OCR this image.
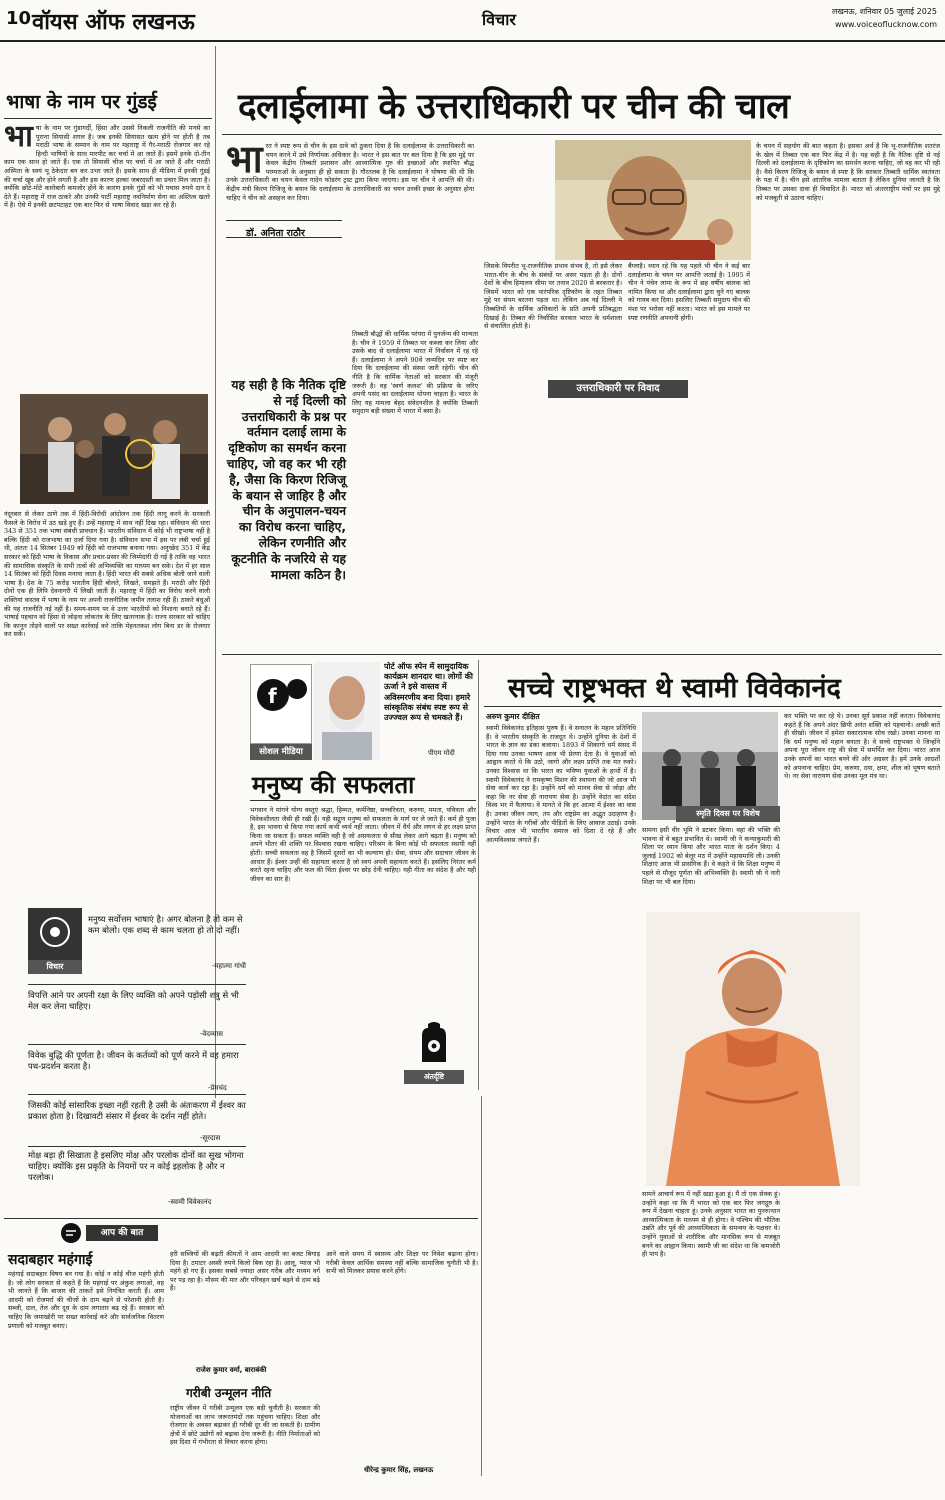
10 वॉयस ऑफ लखनऊ	विचार	लखनऊ, शनिवार 05 जुलाई 2025
www.voiceoflucknow.com
भाषा के नाम पर गुंडई
भा षा के नाम पर गुंडागर्दी, हिंसा और उससे निकली राजनीति की मनसे का पुराना सियासी शगल है। जब इनकी सियासत खत्म होने पर होती है तब मराठी भाषा के सम्मान के नाम पर महाराष्ट्र में गैर-मराठी रोजगार कर रहे हिन्दी भाषियों के साथ मारपीट कर चर्चा में आ जाते हैं। इसमें इनके दो-तीन काम एक साथ हो जाते हैं। एक तो सियासी चीज पर चर्चा में आ जाते हैं और मराठी अस्मिता के स्वयं भू ठेकेदार बन कर उभर जाते हैं। इसके साथ ही मीडिया में इनकी गुंडई की चर्चा खूब और होने लगती है और इस कारण हल्का जबरदस्ती का प्रचार मिल जाता है। क्योंकि छोटे-मोटे कारोबारी कमजोर होने के कारण इनके गुंडों को भी पचास रुपये दान दे देते हैं। महाराष्ट्र में राज ठाकरे और उनकी पार्टी महाराष्ट्र नवनिर्माण सेना का अस्तित्व खतरे में है। ऐसे में इनकी छटपटाहट एक बार फिर से भाषा विवाद खड़ा कर रहे हैं।
नंदूरबार से लेकर ठाणे तक में हिंदी-विरोधी आंदोलन तक हिंदी लागू करने के सरकारी फैसले के विरोध में उठ खड़े हुए हैं। उन्हें महाराष्ट्र में साथ नहीं दिख रहा। संविधान की धारा 343 से 351 तक भाषा संबंधी प्रावधान हैं। भारतीय संविधान में कोई भी राष्ट्रभाषा नहीं है बल्कि हिंदी को राजभाषा का दर्जा दिया गया है। संविधान सभा में इस पर लंबी चर्चा हुई थी, अंततः 14 सितंबर 1949 को हिंदी को राजभाषा बनाया गया। अनुच्छेद 351 में केंद्र सरकार को हिंदी भाषा के विकास और प्रचार-प्रसार की जिम्मेदारी दी गई है ताकि वह भारत की सामासिक संस्कृति के सभी तत्वों की अभिव्यक्ति का माध्यम बन सके। देश में हर साल 14 सितंबर को हिंदी दिवस मनाया जाता है। हिंदी भारत की सबसे अधिक बोली जाने वाली भाषा है। देश के 75 करोड़ भारतीय हिंदी बोलते, लिखते, समझते हैं। मराठी और हिंदी दोनों एक ही लिपि देवनागरी में लिखी जाती हैं। महाराष्ट्र में हिंदी का विरोध करने वाली शक्तियां वास्तव में भाषा के नाम पर अपनी राजनीतिक जमीन तलाश रही हैं। ठाकरे बंधुओं की यह राजनीति नई नहीं है। समय-समय पर वे उत्तर भारतीयों को निशाना बनाते रहे हैं। भाषाई पहचान को हिंसा से जोड़ना लोकतंत्र के लिए खतरनाक है। राज्य सरकार को चाहिए कि कानून तोड़ने वालों पर सख्त कार्रवाई करे ताकि मेहनतकश लोग बिना डर के रोजगार कर सकें।
दलाईलामा के उत्तराधिकारी पर चीन की चाल
भा रत ने स्पष्ट रूप से चीन के इस दावे को ठुकरा दिया है कि दलाईलामा के उत्तराधिकारी का चयन करने में उसे निर्णायक अधिकार है। भारत ने इस बात पर बल दिया है कि इस मुद्दे पर केवल केंद्रीय तिब्बती प्रशासन और आध्यात्मिक गुरु की इच्छाओं और स्थापित बौद्ध परम्पराओं के अनुसार ही हो सकता है। गौरतलब है कि दलाईलामा ने घोषणा की थी कि उनके उत्तराधिकारी का चयन केवल गादेन फोडरंग ट्रस्ट द्वारा किया जाएगा। इस पर चीन ने आपत्ति की थी। केंद्रीय मंत्री किरण रिजिजू के बयान कि दलाईलामा के उत्तराधिकारी का चयन उनकी इच्छा के अनुसार होना चाहिए ने चीन को असहज कर दिया।
डॉ. अनिता राठौर
यह सही है कि नैतिक दृष्टि से नई दिल्ली को उत्तराधिकारी के प्रश्न पर वर्तमान दलाई लामा के दृष्टिकोण का समर्थन करना चाहिए, जो वह कर भी रही है, जैसा कि किरण रिजिजू के बयान से जाहिर है और चीन के अनुपालन-चयन का विरोध करना चाहिए, लेकिन रणनीति और कूटनीति के नजरिये से यह मामला कठिन है।
तिब्बती बौद्धों की धार्मिक परंपरा में पुनर्जन्म की मान्यता है। चीन ने 1959 में तिब्बत पर कब्जा कर लिया और उसके बाद से दलाईलामा भारत में निर्वासन में रह रहे हैं। दलाईलामा ने अपने 90वें जन्मदिन पर स्पष्ट कर दिया कि दलाईलामा की संस्था जारी रहेगी। चीन की नीति है कि धार्मिक नेताओं को सरकार की मंजूरी जरूरी है। वह 'स्वर्ण कलश' की प्रक्रिया के जरिए अपनी पसंद का दलाईलामा थोपना चाहता है। भारत के लिए यह मामला बेहद संवेदनशील है क्योंकि तिब्बती समुदाय बड़ी संख्या में भारत में बसा है।
जिसके विपरीत भू-राजनीतिक प्रभाव संभव है, तो इसे लेकर भारत-चीन के बीच के संबंधों पर असर पड़ता ही है। दोनों देशों के बीच हिमालय सीमा पर तनाव 2020 से बरकरार है। जिसमें भारत को एक पारंपरिक दृष्टिकोण के तहत तिब्बत मुद्दे पर संयम बरतना पड़ता था। लेकिन अब नई दिल्ली ने तिब्बतियों के धार्मिक अधिकारों के प्रति अपनी प्रतिबद्धता दिखाई है। तिब्बत की निर्वासित सरकार भारत के धर्मशाला से संचालित होती है।
बैंग्लाहै। ध्यान रहे कि यह पहले भी चीन ने कई बार दलाईलामा के चयन पर आपत्ति जताई है। 1995 में चीन ने पंचेन लामा के रूप में छह वर्षीय बालक को नामित किया था और दलाईलामा द्वारा चुने गए बालक को गायब कर दिया। इसलिए तिब्बती समुदाय चीन की मंशा पर भरोसा नहीं करता। भारत को इस मामले पर स्पष्ट रणनीति अपनानी होगी।
उत्तराधिकारी पर विवाद
के चयन में सहयोग की बात कहता है। इसका अर्थ है कि भू-राजनीतिक शतरंज के खेल में तिब्बत एक बार फिर केंद्र में है। यह सही है कि नैतिक दृष्टि से नई दिल्ली को दलाईलामा के दृष्टिकोण का समर्थन करना चाहिए, जो वह कर भी रही है। वैसे किरण रिजिजू के बयान से स्पष्ट है कि सरकार तिब्बती धार्मिक स्वतंत्रता के पक्ष में है। चीन इसे आंतरिक मामला बताता है लेकिन दुनिया जानती है कि तिब्बत पर उसका दावा ही विवादित है। भारत को अंतरराष्ट्रीय मंचों पर इस मुद्दे को मजबूती से उठाना चाहिए।
f
सोशल मीडिया
पोर्ट ऑफ स्पेन में सामुदायिक कार्यक्रम शानदार था। लोगों की ऊर्जा ने इसे वास्तव में अविस्मरणीय बना दिया। हमारे सांस्कृतिक संबंध स्पष्ट रूप से उज्ज्वल रूप से चमकते हैं।
पीएम मोदी
मनुष्य की सफलता
भगवान ने मांगने योग्य वस्तुएं श्रद्धा, हिम्मत, कर्मनिष्ठा, सच्चरित्रता, करुणा, ममता, पवित्रता और विवेकशीलता जैसी ही रखी हैं। यही सद्गुण मनुष्य को सफलता के मार्ग पर ले जाते हैं। कर्म ही पूजा है, इस भावना से किया गया कार्य कभी व्यर्थ नहीं जाता। जीवन में धैर्य और लगन से हर लक्ष्य प्राप्त किया जा सकता है। सफल व्यक्ति वही है जो असफलता से सीख लेकर आगे बढ़ता है। मनुष्य को अपने भीतर की शक्ति पर विश्वास रखना चाहिए। परिश्रम के बिना कोई भी सफलता स्थायी नहीं होती। सच्ची सफलता वह है जिसमें दूसरों का भी कल्याण हो। सेवा, संयम और सदाचार जीवन के आधार हैं। ईश्वर उन्हीं की सहायता करता है जो स्वयं अपनी सहायता करते हैं। इसलिए निरंतर कर्म करते रहना चाहिए और फल की चिंता ईश्वर पर छोड़ देनी चाहिए। यही गीता का संदेश है और यही जीवन का सार है।
अंतर्दृष्टि
विचार
मनुष्य सर्वोत्तम भाषाएं है। अगर बोलना है तो कम से कम बोलो। एक शब्द से काम चलता हो तो दो नहीं।
-महात्मा गांधी
विपत्ति आने पर अपनी रक्षा के लिए व्यक्ति को अपने पड़ोसी शत्रु से भी मेल कर लेना चाहिए।
-वेदव्यास
विवेक बुद्धि की पूर्णता है। जीवन के कर्तव्यों को पूर्ण करने में वह हमारा पथ-प्रदर्शन करता है।
-प्रेमचंद
जिसकी कोई सांसारिक इच्छा नहीं रहती है उसी के अंतःकरण में ईश्वर का प्रकाश होता है। दिखावटी संसार में ईश्वर के दर्शन नहीं होते।
-सूरदास
मोक्ष बड़ा ही सिखाता है इसलिए मोक्ष और परलोक दोनों का सुख भोगना चाहिए। क्योंकि इस प्रकृति के नियमों पर न कोई इहलोक है और न परलोक।
-स्वामी विवेकानंद
सच्चे राष्ट्रभक्त थे स्वामी विवेकानंद
अरुण कुमार दीक्षित
स्वामी विवेकानंद इतिहास पुरुष हैं। वे सनातन के महान प्रतिनिधि हैं। वे भारतीय संस्कृति के राजदूत थे। उन्होंने दुनिया के देशों में भारत के ज्ञान का डंका बजाया। 1893 में शिकागो धर्म संसद में दिया गया उनका भाषण आज भी प्रेरणा देता है। वे युवाओं को आह्वान करते थे कि उठो, जागो और लक्ष्य प्राप्ति तक मत रुको। उनका विश्वास था कि भारत का भविष्य युवाओं के हाथों में है। स्वामी विवेकानंद ने रामकृष्ण मिशन की स्थापना की जो आज भी सेवा कार्य कर रहा है। उन्होंने धर्म को मानव सेवा से जोड़ा और कहा कि नर सेवा ही नारायण सेवा है। उन्होंने वेदांत का संदेश विश्व भर में फैलाया। वे मानते थे कि हर आत्मा में ईश्वर का वास है। उनका जीवन त्याग, तप और राष्ट्रप्रेम का अद्भुत उदाहरण है। उन्होंने भारत के गरीबों और पीड़ितों के लिए आवाज उठाई। उनके विचार आज भी भारतीय समाज को दिशा दे रहे हैं और आत्मविश्वास जगाते हैं।
स्मृति दिवस पर विशेष
सामना इसी वीर भूमि ने डटकर किया। वहां की भक्ति की भावना से वे बहुत प्रभावित थे। स्वामी जी ने कन्याकुमारी की शिला पर ध्यान किया और भारत माता के दर्शन किए। 4 जुलाई 1902 को बेलूर मठ में उन्होंने महासमाधि ली। उनकी शिक्षाएं आज भी प्रासंगिक हैं। वे कहते थे कि शिक्षा मनुष्य में पहले से मौजूद पूर्णता की अभिव्यक्ति है। स्वामी जी ने नारी शिक्षा पर भी बल दिया।
सामने आचार्य रूप में नहीं खड़ा हुआ हूं। मैं तो एक सेवक हूं। उन्होंने कहा था कि मैं भारत को एक बार फिर जगद्गुरु के रूप में देखना चाहता हूं। उनके अनुसार भारत का पुनरुत्थान आध्यात्मिकता के माध्यम से ही होगा। वे पश्चिम की भौतिक उन्नति और पूर्व की आध्यात्मिकता के समन्वय के पक्षधर थे। उन्होंने युवाओं से शारीरिक और मानसिक रूप से मजबूत बनने का आह्वान किया। स्वामी जी का संदेश था कि कमजोरी ही पाप है।
कर भक्ति पर कर रहे थे। उनका सूर्य प्रकाश नहीं करता। विवेकानंद कहते हैं कि अपने अंदर छिपी अनंत शक्ति को पहचानो। अच्छी बातें ही सीखो। जीवन में हमेशा सकारात्मक सोच रखो। उनका मानना था कि धर्म मनुष्य को महान बनाता है। वे सच्चे राष्ट्रभक्त थे जिन्होंने अपना पूरा जीवन राष्ट्र की सेवा में समर्पित कर दिया। भारत आज उनके सपनों का भारत बनने की ओर अग्रसर है। हमें उनके आदर्शों को अपनाना चाहिए। प्रेम, करुणा, दया, क्षमा, शील को भूषण बताते थे। नर सेवा नारायण सेवा उनका मूल मंत्र था।
आप की बात
सदाबहार महंगाई
महंगाई सदाबहार विषय बन गया है। कोई न कोई चीज महंगी होती है। जो लोग सरकार से कहते हैं कि महंगाई पर अंकुश लगाओ, वह भी जानते हैं कि बाजार की ताकतें इसे नियंत्रित करती हैं। आम आदमी को रोजमर्रा की चीजों के दाम बढ़ने से परेशानी होती है। सब्जी, दाल, तेल और दूध के दाम लगातार बढ़ रहे हैं। सरकार को चाहिए कि जमाखोरी पर सख्त कार्रवाई करे और सार्वजनिक वितरण प्रणाली को मजबूत बनाए।
हरी सब्जियों की बढ़ती कीमतों ने आम आदमी का बजट बिगाड़ दिया है। टमाटर अस्सी रुपये किलो बिक रहा है। आलू, प्याज भी महंगे हो गए हैं। इसका सबसे ज्यादा असर गरीब और मध्यम वर्ग पर पड़ रहा है। मौसम की मार और परिवहन खर्च बढ़ने से दाम बढ़े हैं।
राजेश कुमार वर्मा, बाराबंकी
गरीबी उन्मूलन नीति
राष्ट्रीय जीवन में गरीबी उन्मूलन एक बड़ी चुनौती है। सरकार की योजनाओं का लाभ जरूरतमंदों तक पहुंचना चाहिए। शिक्षा और रोजगार के अवसर बढ़ाकर ही गरीबी दूर की जा सकती है। ग्रामीण क्षेत्रों में छोटे उद्योगों को बढ़ावा देना जरूरी है। नीति निर्माताओं को इस दिशा में गंभीरता से विचार करना होगा।
आने वाले समय में स्वास्थ्य और शिक्षा पर निवेश बढ़ाना होगा। गरीबी केवल आर्थिक समस्या नहीं बल्कि सामाजिक चुनौती भी है। सभी को मिलकर प्रयास करने होंगे।
धीरेन्द्र कुमार सिंह, लखनऊ
